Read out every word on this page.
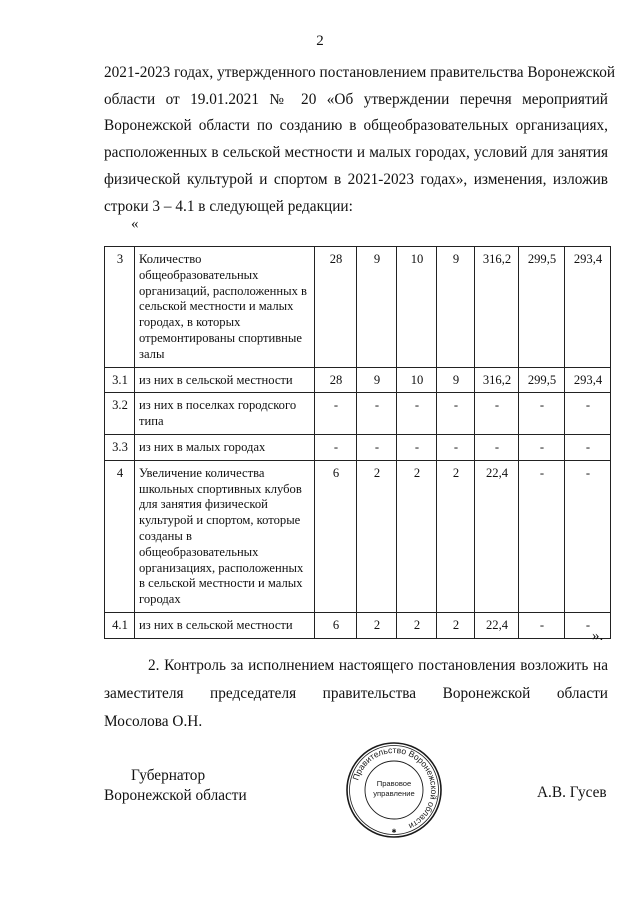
2
2021-2023 годах, утвержденного постановлением правительства Воронежской
области от 19.01.2021 № 20 «Об утверждении перечня мероприятий
Воронежской области по созданию в общеобразовательных организациях,
расположенных в сельской местности и малых городах, условий для занятия
физической культурой и спортом в 2021-2023 годах», изменения, изложив
строки 3 – 4.1 в следующей редакции:
«
3	Количество общеобразовательных организаций, расположенных в сельской местности и малых городах, в которых отремонтированы спортивные залы	28	9	10	9	316,2	299,5	293,4
3.1	из них в сельской местности	28	9	10	9	316,2	299,5	293,4
3.2	из них в поселках городского типа	-	-	-	-	-	-	-
3.3	из них в малых городах	-	-	-	-	-	-	-
4	Увеличение количества школьных спортивных клубов для занятия физической культурой и спортом, которые созданы в общеобразовательных организациях, расположенных в сельской местности и малых городах	6	2	2	2	22,4	-	-
4.1	из них в сельской местности	6	2	2	2	22,4	-	-
».
2. Контроль за исполнением настоящего постановления возложить на
заместителя председателя правительства Воронежской области
Мосолова О.Н.
Губернатор
Воронежской области
Правительство Воронежской области
Правовое
управление
✱
А.В. Гусев
